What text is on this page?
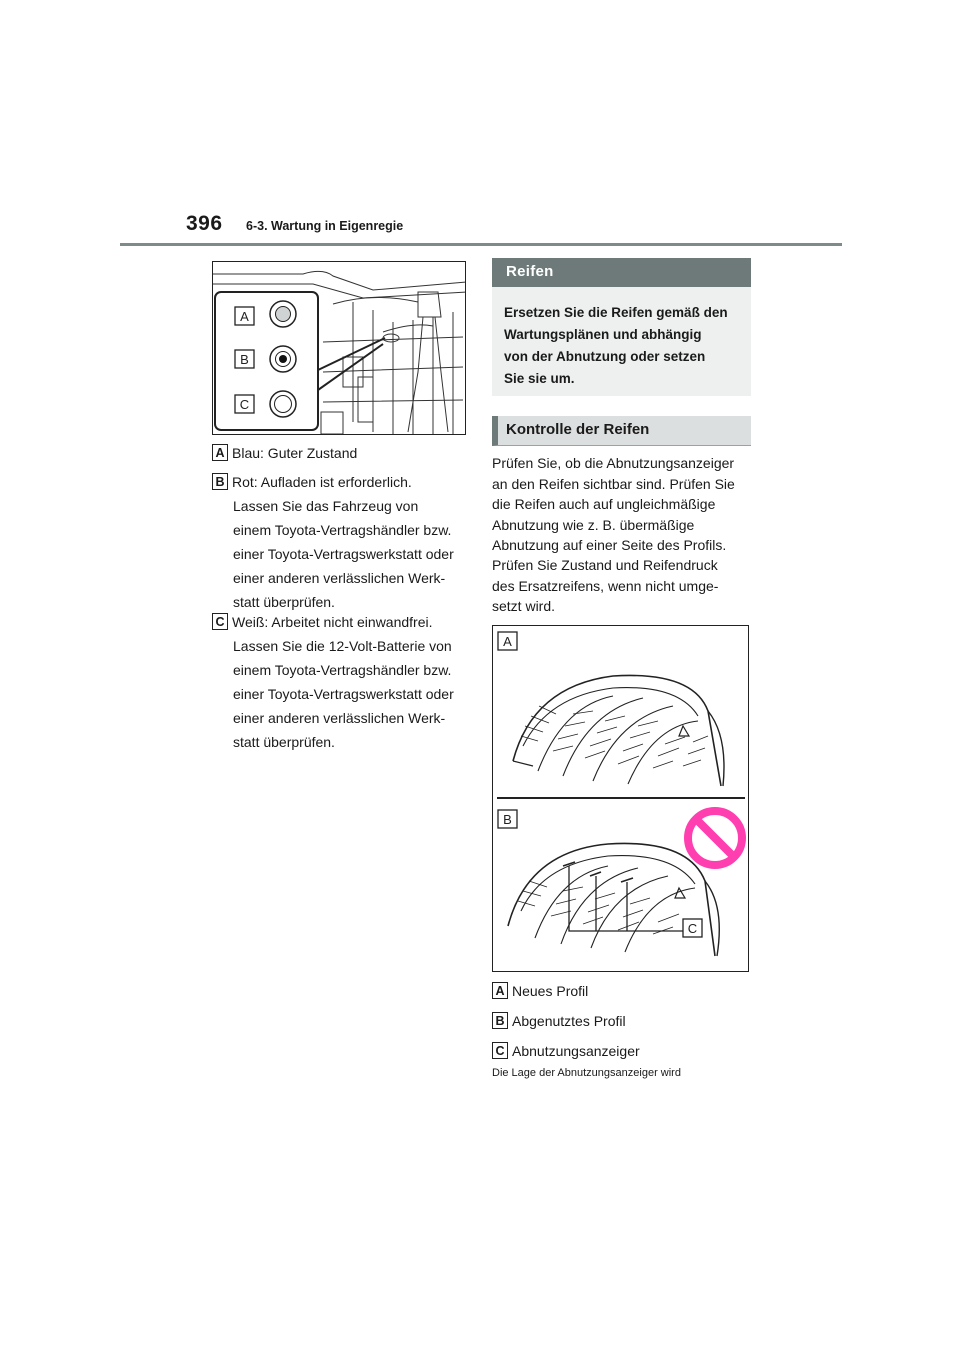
396 6-3. Wartung in Eigenregie
A
B
C
A Blau: Guter Zustand
B Rot: Aufladen ist erforderlich.
Lassen Sie das Fahrzeug von
einem Toyota-Vertragshändler bzw.
einer Toyota-Vertragswerkstatt oder
einer anderen verlässlichen Werk-
statt überprüfen.
C Weiß: Arbeitet nicht einwandfrei.
Lassen Sie die 12-Volt-Batterie von
einem Toyota-Vertragshändler bzw.
einer Toyota-Vertragswerkstatt oder
einer anderen verlässlichen Werk-
statt überprüfen.
Reifen
Ersetzen Sie die Reifen gemäß den
Wartungsplänen und abhängig
von der Abnutzung oder setzen
Sie sie um.
Kontrolle der Reifen
Prüfen Sie, ob die Abnutzungsanzeiger
an den Reifen sichtbar sind. Prüfen Sie
die Reifen auch auf ungleichmäßige
Abnutzung wie z. B. übermäßige
Abnutzung auf einer Seite des Profils.
Prüfen Sie Zustand und Reifendruck
des Ersatzreifens, wenn nicht umge-
setzt wird.
A
B
C
A Neues Profil
B Abgenutztes Profil
C Abnutzungsanzeiger
Die Lage der Abnutzungsanzeiger wird
